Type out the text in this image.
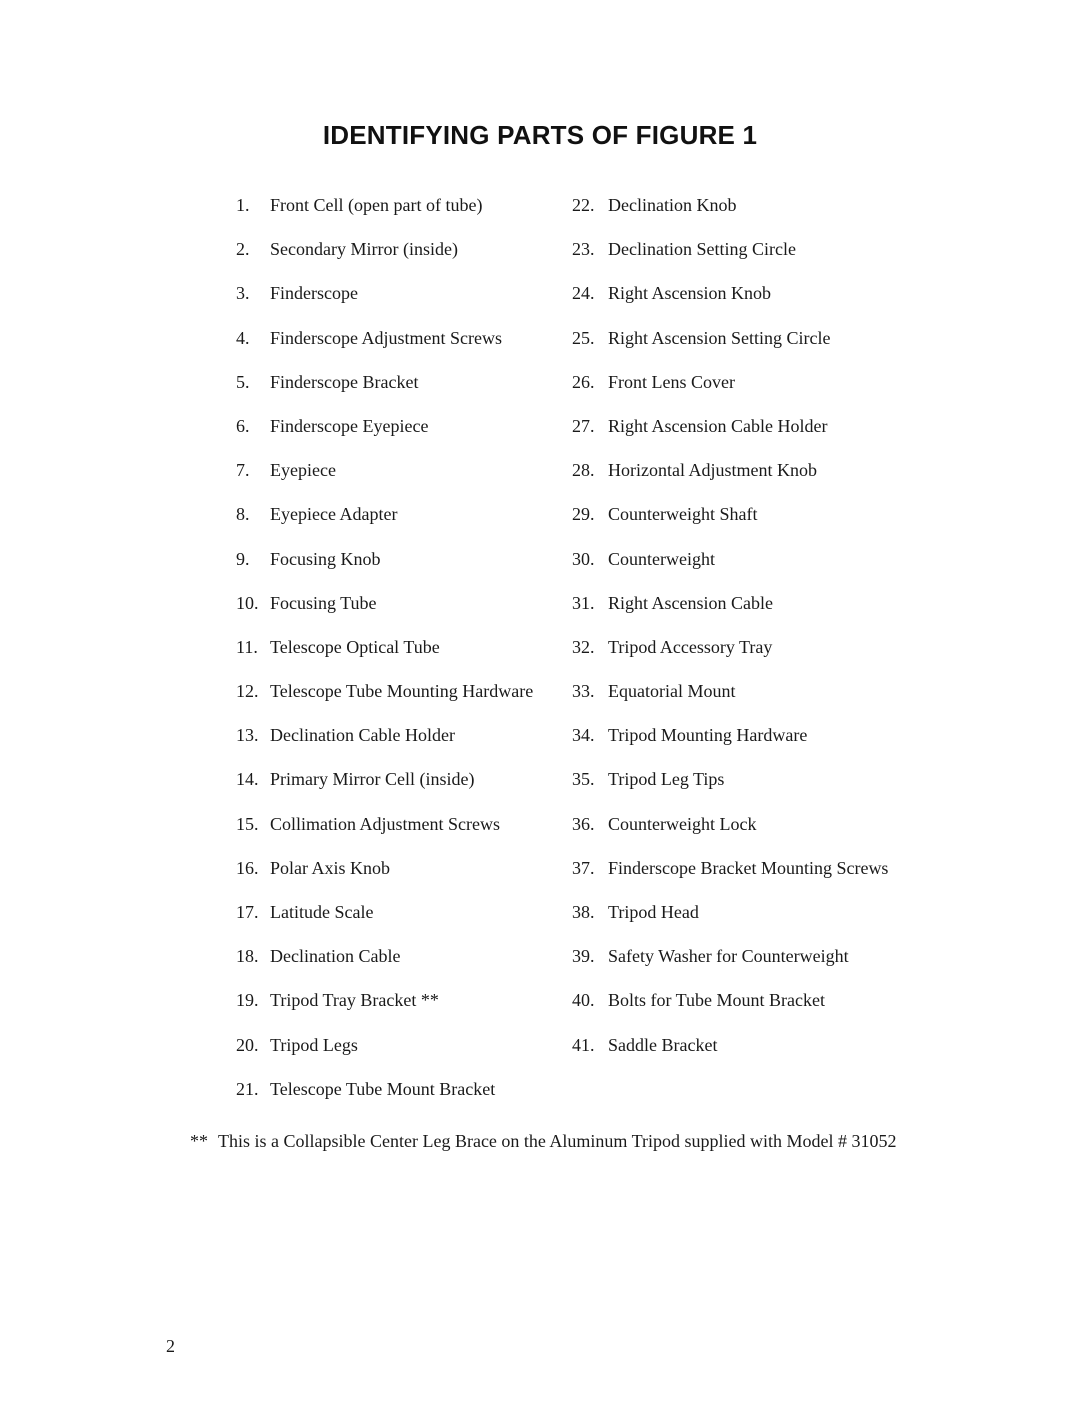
IDENTIFYING PARTS OF FIGURE 1
1. Front Cell (open part of tube)
2. Secondary Mirror (inside)
3. Finderscope
4. Finderscope Adjustment Screws
5. Finderscope Bracket
6. Finderscope Eyepiece
7. Eyepiece
8. Eyepiece Adapter
9. Focusing Knob
10. Focusing Tube
11. Telescope Optical Tube
12. Telescope Tube Mounting Hardware
13. Declination Cable Holder
14. Primary Mirror Cell (inside)
15. Collimation Adjustment Screws
16. Polar Axis Knob
17. Latitude Scale
18. Declination Cable
19. Tripod Tray Bracket **
20. Tripod Legs
21. Telescope Tube Mount Bracket
22. Declination Knob
23. Declination Setting Circle
24. Right Ascension Knob
25. Right Ascension Setting Circle
26. Front Lens Cover
27. Right Ascension Cable Holder
28. Horizontal Adjustment Knob
29. Counterweight Shaft
30. Counterweight
31. Right Ascension Cable
32. Tripod Accessory Tray
33. Equatorial Mount
34. Tripod Mounting Hardware
35. Tripod Leg Tips
36. Counterweight Lock
37. Finderscope Bracket Mounting Screws
38. Tripod Head
39. Safety Washer for Counterweight
40. Bolts for Tube Mount Bracket
41. Saddle Bracket
** This is a Collapsible Center Leg Brace on the Aluminum Tripod supplied with Model # 31052
2
